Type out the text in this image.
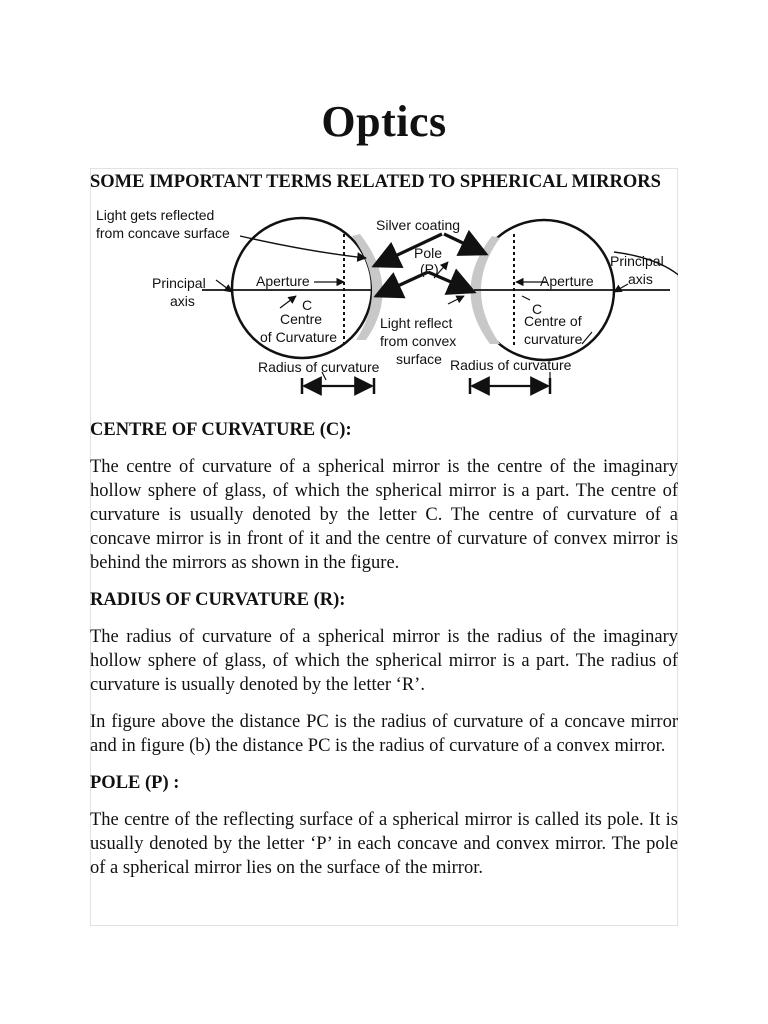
Optics
SOME IMPORTANT TERMS RELATED TO SPHERICAL MIRRORS
Light gets reflected
from concave surface	Silver coating
Pole
(P)
Principal
axis
Aperture
C
Centre
of Curvature
Light reflect
from convex
surface
Aperture
C
Centre of
curvature
Principal
axis
Radius of curvature	Radius of curvature
CENTRE OF CURVATURE (C):

The centre of curvature of a spherical mirror is the centre of the imaginary hollow sphere of glass, of which the spherical mirror is a part. The centre of curvature is usually denoted by the letter C. The centre of curvature of a concave mirror is in front of it and the centre of curvature of convex mirror is behind the mirrors as shown in the figure.

RADIUS OF CURVATURE (R):

The radius of curvature of a spherical mirror is the radius of the imaginary hollow sphere of glass, of which the spherical mirror is a part. The radius of curvature is usually denoted by the letter ‘R’.

In figure above the distance PC is the radius of curvature of a concave mirror and in figure (b) the distance PC is the radius of curvature of a convex mirror.

POLE (P) :

The centre of the reflecting surface of a spherical mirror is called its pole. It is usually denoted by the letter ‘P’ in each concave and convex mirror. The pole of a spherical mirror lies on the surface of the mirror.
